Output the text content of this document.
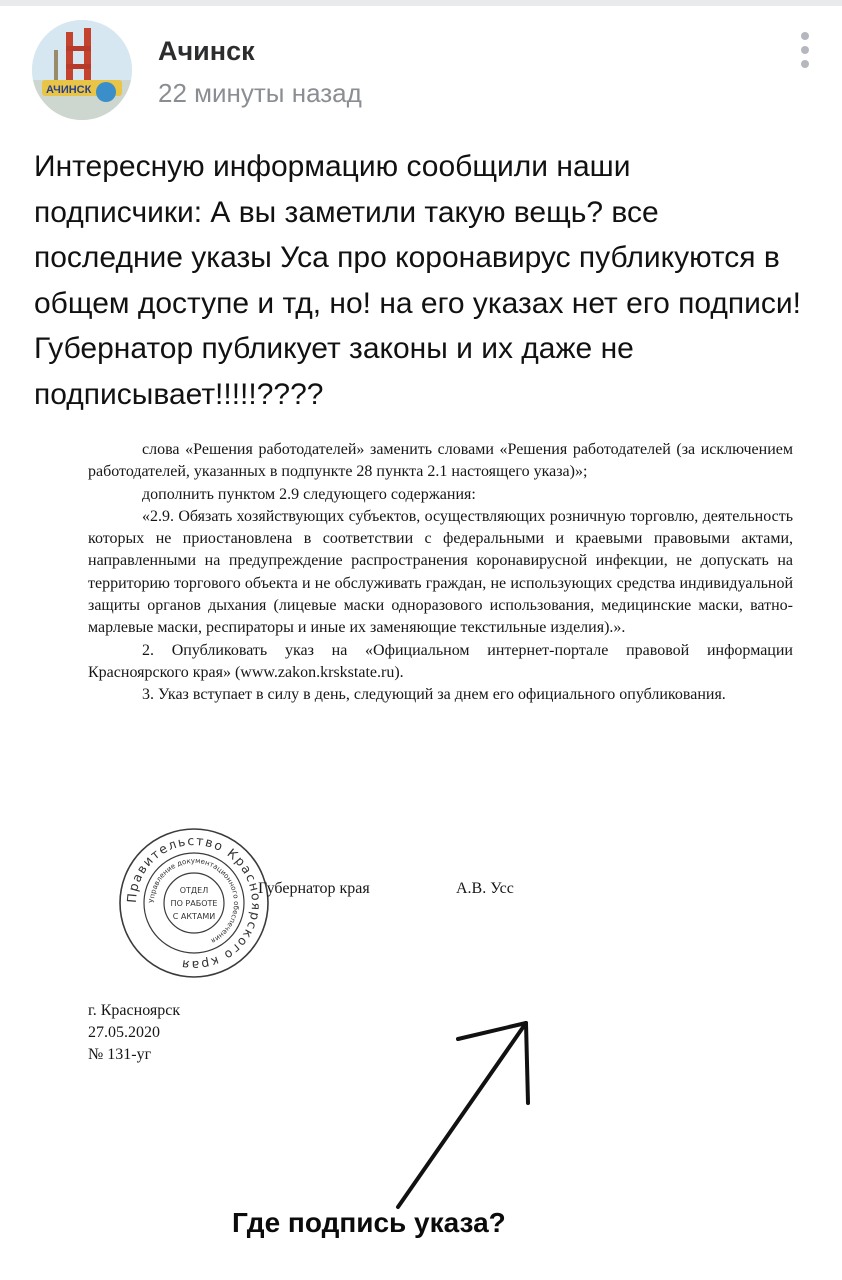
АЧИНСК
Ачинск
22 минуты назад
Интересную информацию сообщили наши подписчики: А вы заметили такую вещь? все последние указы Уса про коронавирус публикуются в общем доступе и тд, но! на его указах нет его подписи! Губернатор публикует законы и их даже не подписывает!!!!!????

слова «Решения работодателей» заменить словами «Решения работодателей (за исключением работодателей, указанных в подпункте 28 пункта 2.1 настоящего указа)»;

дополнить пунктом 2.9 следующего содержания:

«2.9. Обязать хозяйствующих субъектов, осуществляющих розничную торговлю, деятельность которых не приостановлена в соответствии с федеральными и краевыми правовыми актами, направленными на предупреждение распространения коронавирусной инфекции, не допускать на территорию торгового объекта и не обслуживать граждан, не использующих средства индивидуальной защиты органов дыхания (лицевые маски одноразового использования, медицинские маски, ватно-марлевые маски, респираторы и иные их заменяющие текстильные изделия).».

2. Опубликовать указ на «Официальном интернет-портале правовой информации Красноярского края» (www.zakon.krskstate.ru).

3. Указ вступает в силу в день, следующий за днем его официального опубликования.

Правительство Красноярского края
Управление документационного обеспечения
ОТДЕЛ
ПО РАБОТЕ
С АКТАМИ
Губернатор края	А.В. Усс
г. Красноярск
27.05.2020
№ 131-уг
Где подпись указа?
